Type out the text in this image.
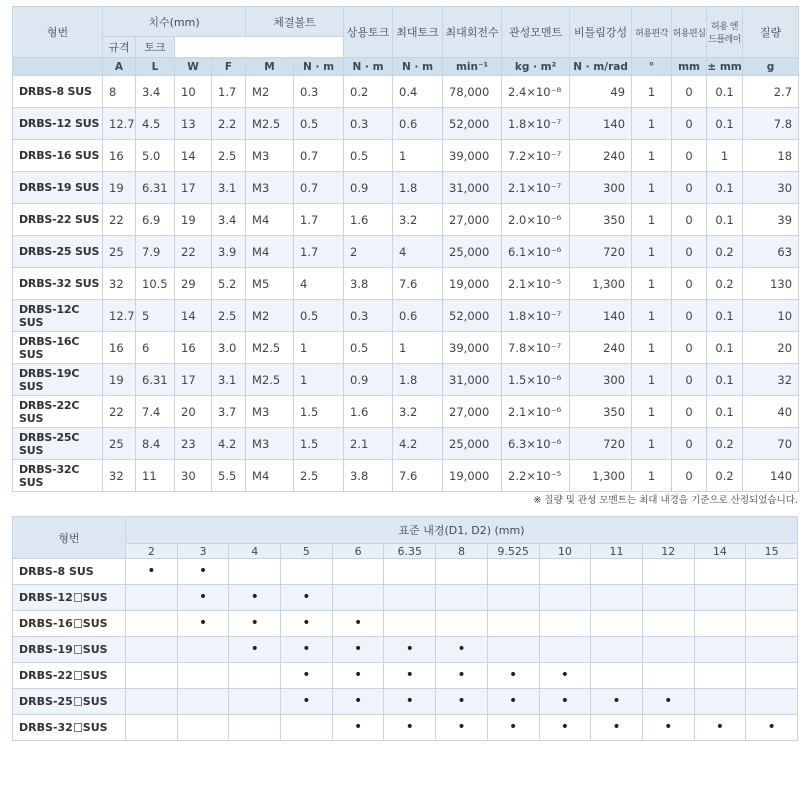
형번	치수(mm)				체결볼트		상용토크	최대토크	최대회전수	관성모멘트	비틀림강성	허용편각	허용편심	허용 엔드플레이	질량
	규격	토크													
	A	L	W	F	M	N · m	N · m	N · m	min⁻¹	kg · m²	N · m/rad	°	mm	± mm	g
DRBS-8 SUS	8	3.4	10	1.7	M2	0.3	0.2	0.4	78,000	2.4×10⁻⁸	49	1	0	0.1	2.7
DRBS-12 SUS	12.7	4.5	13	2.2	M2.5	0.5	0.3	0.6	52,000	1.8×10⁻⁷	140	1	0	0.1	7.8
DRBS-16 SUS	16	5.0	14	2.5	M3	0.7	0.5	1	39,000	7.2×10⁻⁷	240	1	0	1	18
DRBS-19 SUS	19	6.31	17	3.1	M3	0.7	0.9	1.8	31,000	2.1×10⁻⁷	300	1	0	0.1	30
DRBS-22 SUS	22	6.9	19	3.4	M4	1.7	1.6	3.2	27,000	2.0×10⁻⁶	350	1	0	0.1	39
DRBS-25 SUS	25	7.9	22	3.9	M4	1.7	2	4	25,000	6.1×10⁻⁶	720	1	0	0.2	63
DRBS-32 SUS	32	10.5	29	5.2	M5	4	3.8	7.6	19,000	2.1×10⁻⁵	1,300	1	0	0.2	130
DRBS-12C SUS	12.7	5	14	2.5	M2	0.5	0.3	0.6	52,000	1.8×10⁻⁷	140	1	0	0.1	10
DRBS-16C SUS	16	6	16	3.0	M2.5	1	0.5	1	39,000	7.8×10⁻⁷	240	1	0	0.1	20
DRBS-19C SUS	19	6.31	17	3.1	M2.5	1	0.9	1.8	31,000	1.5×10⁻⁶	300	1	0	0.1	32
DRBS-22C SUS	22	7.4	20	3.7	M3	1.5	1.6	3.2	27,000	2.1×10⁻⁶	350	1	0	0.1	40
DRBS-25C SUS	25	8.4	23	4.2	M3	1.5	2.1	4.2	25,000	6.3×10⁻⁶	720	1	0	0.2	70
DRBS-32C SUS	32	11	30	5.5	M4	2.5	3.8	7.6	19,000	2.2×10⁻⁵	1,300	1	0	0.2	140
※ 질량 및 관성 모멘트는 최대 내경을 기준으로 산정되었습니다.
형번	표준 내경(D1, D2) (mm)												
	2	3	4	5	6	6.35	8	9.525	10	11	12	14	15
DRBS-8 SUS	•	•											
DRBS-12 SUS		•	•	•									
DRBS-16 SUS		•	•	•	•								
DRBS-19 SUS			•	•	•	•	•						
DRBS-22 SUS				•	•	•	•	•	•				
DRBS-25 SUS				•	•	•	•	•	•	•	•		
DRBS-32 SUS					•	•	•	•	•	•	•	•	•
